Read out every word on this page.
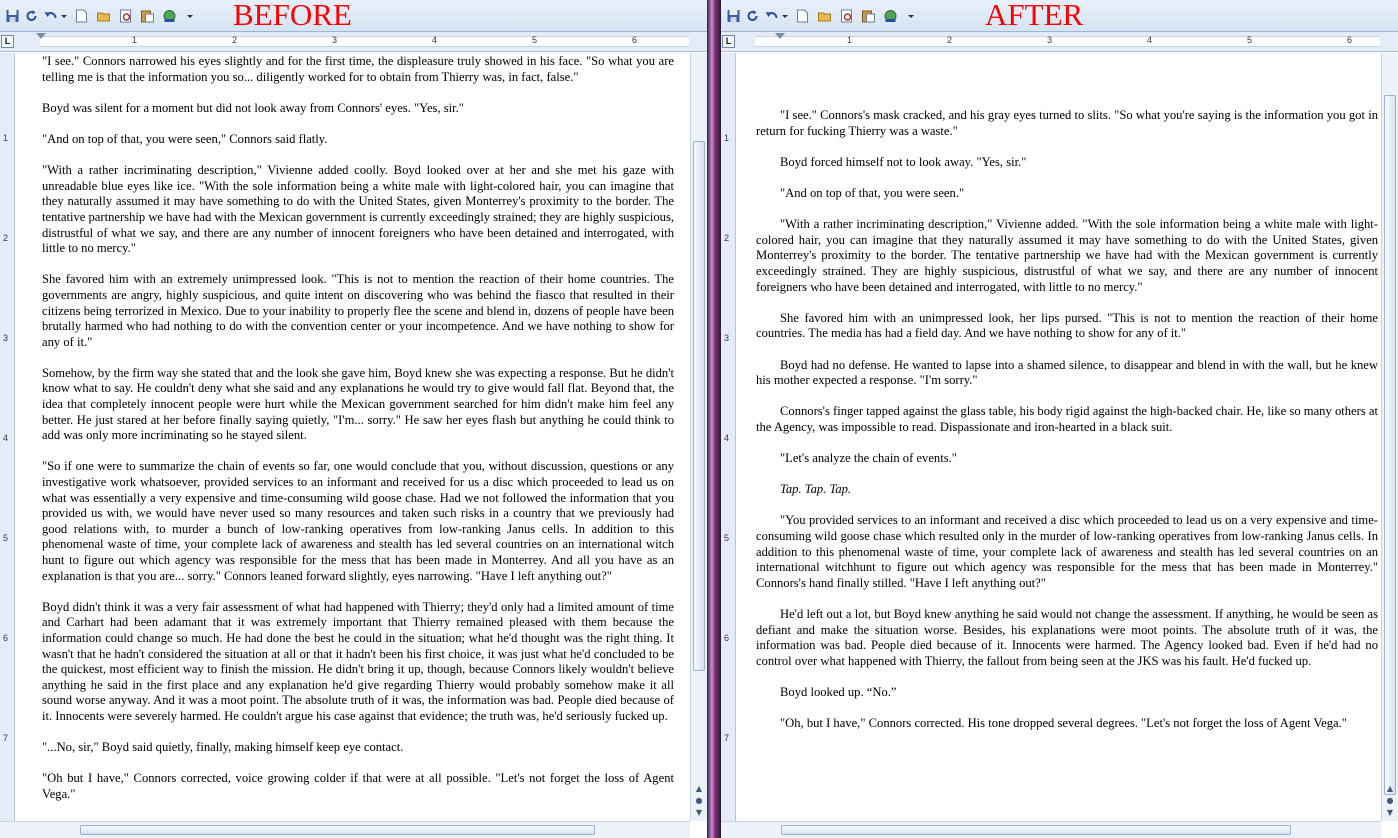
BEFORE
L	1	2	3	4	5	6
1
2
3
4
5
6
7

"I see." Connors narrowed his eyes slightly and for the first time, the displeasure truly showed in his face. "So what you are telling me is that the information you so... diligently worked for to obtain from Thierry was, in fact, false."

Boyd was silent for a moment but did not look away from Connors' eyes. "Yes, sir."

"And on top of that, you were seen," Connors said flatly.

"With a rather incriminating description," Vivienne added coolly. Boyd looked over at her and she met his gaze with unreadable blue eyes like ice. "With the sole information being a white male with light-colored hair, you can imagine that they naturally assumed it may have something to do with the United States, given Monterrey's proximity to the border. The tentative partnership we have had with the Mexican government is currently exceedingly strained; they are highly suspicious, distrustful of what we say, and there are any number of innocent foreigners who have been detained and interrogated, with little to no mercy."

She favored him with an extremely unimpressed look. "This is not to mention the reaction of their home countries. The governments are angry, highly suspicious, and quite intent on discovering who was behind the fiasco that resulted in their citizens being terrorized in Mexico. Due to your inability to properly flee the scene and blend in, dozens of people have been brutally harmed who had nothing to do with the convention center or your incompetence. And we have nothing to show for any of it."

Somehow, by the firm way she stated that and the look she gave him, Boyd knew she was expecting a response. But he didn't know what to say. He couldn't deny what she said and any explanations he would try to give would fall flat. Beyond that, the idea that completely innocent people were hurt while the Mexican government searched for him didn't make him feel any better. He just stared at her before finally saying quietly, "I'm... sorry." He saw her eyes flash but anything he could think to add was only more incriminating so he stayed silent.

"So if one were to summarize the chain of events so far, one would conclude that you, without discussion, questions or any investigative work whatsoever, provided services to an informant and received for us a disc which proceeded to lead us on what was essentially a very expensive and time-consuming wild goose chase. Had we not followed the information that you provided us with, we would have never used so many resources and taken such risks in a country that we previously had good relations with, to murder a bunch of low-ranking operatives from low-ranking Janus cells. In addition to this phenomenal waste of time, your complete lack of awareness and stealth has led several countries on an international witch hunt to figure out which agency was responsible for the mess that has been made in Monterrey. And all you have as an explanation is that you are... sorry." Connors leaned forward slightly, eyes narrowing. "Have I left anything out?"

Boyd didn't think it was a very fair assessment of what had happened with Thierry; they'd only had a limited amount of time and Carhart had been adamant that it was extremely important that Thierry remained pleased with them because the information could change so much. He had done the best he could in the situation; what he'd thought was the right thing. It wasn't that he hadn't considered the situation at all or that it hadn't been his first choice, it was just what he'd concluded to be the quickest, most efficient way to finish the mission. He didn't bring it up, though, because Connors likely wouldn't believe anything he said in the first place and any explanation he'd give regarding Thierry would probably somehow make it all sound worse anyway. And it was a moot point. The absolute truth of it was, the information was bad. People died because of it. Innocents were severely harmed. He couldn't argue his case against that evidence; the truth was, he'd seriously fucked up.

"...No, sir," Boyd said quietly, finally, making himself keep eye contact.

"Oh but I have," Connors corrected, voice growing colder if that were at all possible. "Let's not forget the loss of Agent Vega."	▲
●
▼
AFTER
L	1	2	3	4	5	6
1
2
3
4
5
6
7

"I see." Connors's mask cracked, and his gray eyes turned to slits. "So what you're saying is the information you got in return for fucking Thierry was a waste."

Boyd forced himself not to look away. "Yes, sir."

"And on top of that, you were seen."

"With a rather incriminating description," Vivienne added. "With the sole information being a white male with light-colored hair, you can imagine that they naturally assumed it may have something to do with the United States, given Monterrey's proximity to the border. The tentative partnership we have had with the Mexican government is currently exceedingly strained. They are highly suspicious, distrustful of what we say, and there are any number of innocent foreigners who have been detained and interrogated, with little to no mercy."

She favored him with an unimpressed look, her lips pursed. "This is not to mention the reaction of their home countries. The media has had a field day. And we have nothing to show for any of it."

Boyd had no defense. He wanted to lapse into a shamed silence, to disappear and blend in with the wall, but he knew his mother expected a response. "I'm sorry."

Connors's finger tapped against the glass table, his body rigid against the high-backed chair. He, like so many others at the Agency, was impossible to read. Dispassionate and iron-hearted in a black suit.

"Let's analyze the chain of events."

Tap. Tap. Tap.

"You provided services to an informant and received a disc which proceeded to lead us on a very expensive and time-consuming wild goose chase which resulted only in the murder of low-ranking operatives from low-ranking Janus cells. In addition to this phenomenal waste of time, your complete lack of awareness and stealth has led several countries on an international witchhunt to figure out which agency was responsible for the mess that has been made in Monterrey." Connors's hand finally stilled. "Have I left anything out?"

He'd left out a lot, but Boyd knew anything he said would not change the assessment. If anything, he would be seen as defiant and make the situation worse. Besides, his explanations were moot points. The absolute truth of it was, the information was bad. People died because of it. Innocents were harmed. The Agency looked bad. Even if he'd had no control over what happened with Thierry, the fallout from being seen at the JKS was his fault. He'd fucked up.

Boyd looked up. “No.”

"Oh, but I have," Connors corrected. His tone dropped several degrees. "Let's not forget the loss of Agent Vega."

▲
●
▼
